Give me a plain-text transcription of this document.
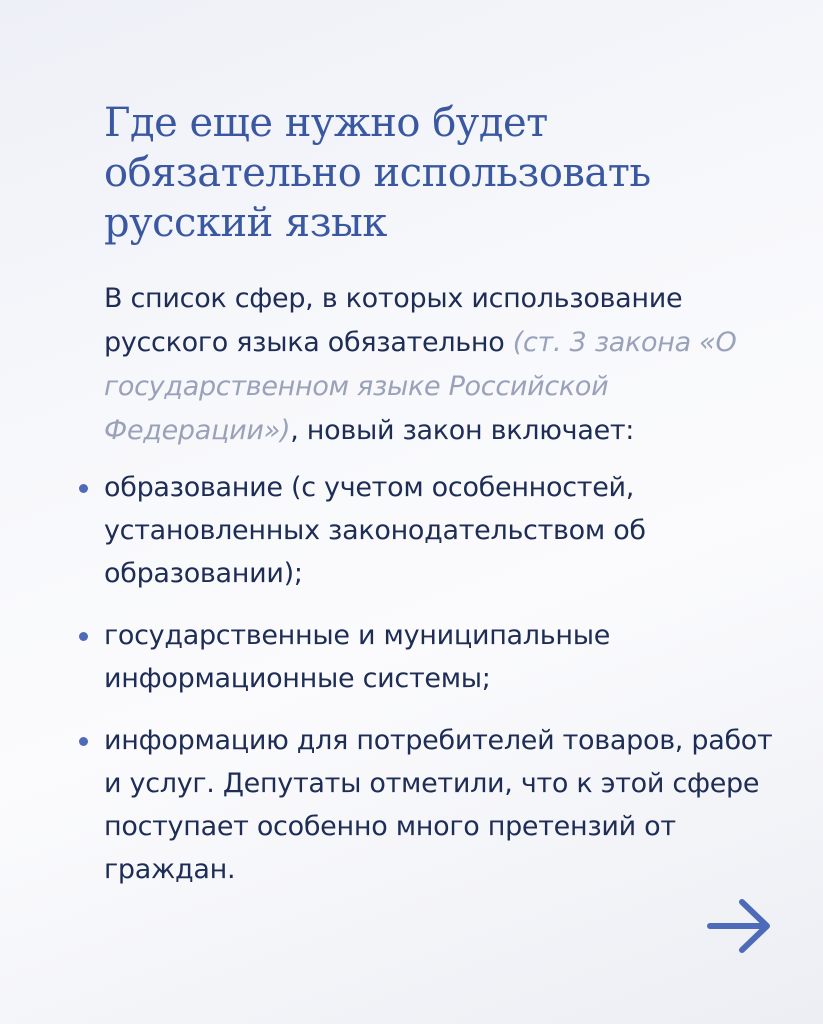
Где еще нужно будет обязательно использовать русский язык

В список сфер, в которых использование русского языка обязательно (ст. 3 закона «О государственном языке Российской Федерации»), новый закон включает:

образование (с учетом особенностей, установленных законодательством об образовании);
государственные и муниципальные информационные системы;
информацию для потребителей товаров, работ и услуг. Депутаты отметили, что к этой сфере поступает особенно много претензий от граждан.
